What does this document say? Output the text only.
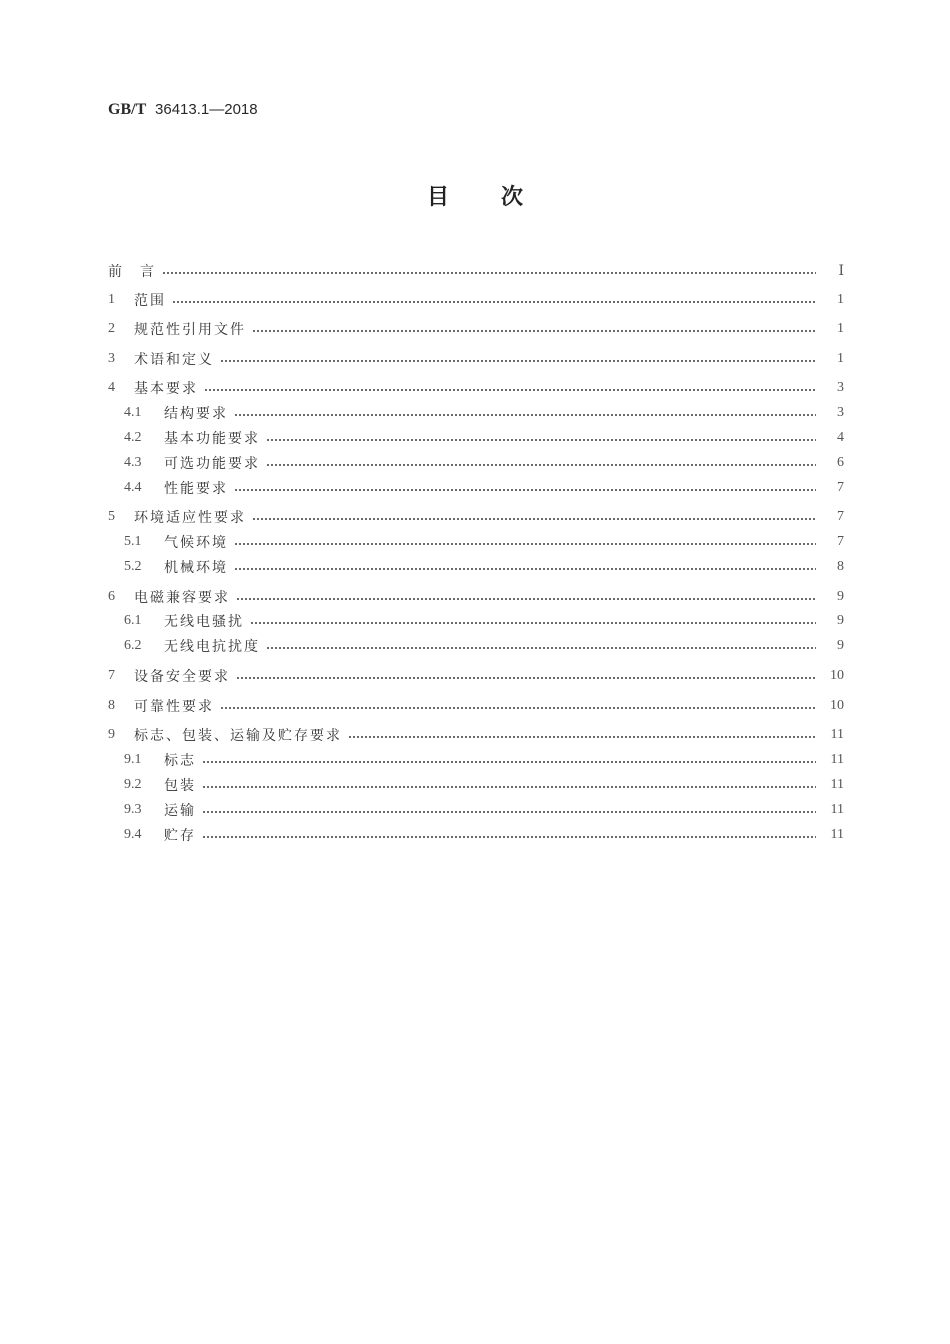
GB/T 36413.1—2018
目 次
前　言	Ⅰ
1	范围	1
2	规范性引用文件	1
3	术语和定义	1
4	基本要求	3
4.1	结构要求	3
4.2	基本功能要求	4
4.3	可选功能要求	6
4.4	性能要求	7
5	环境适应性要求	7
5.1	气候环境	7
5.2	机械环境	8
6	电磁兼容要求	9
6.1	无线电骚扰	9
6.2	无线电抗扰度	9
7	设备安全要求	10
8	可靠性要求	10
9	标志、包装、运输及贮存要求	11
9.1	标志	11
9.2	包装	11
9.3	运输	11
9.4	贮存	11
